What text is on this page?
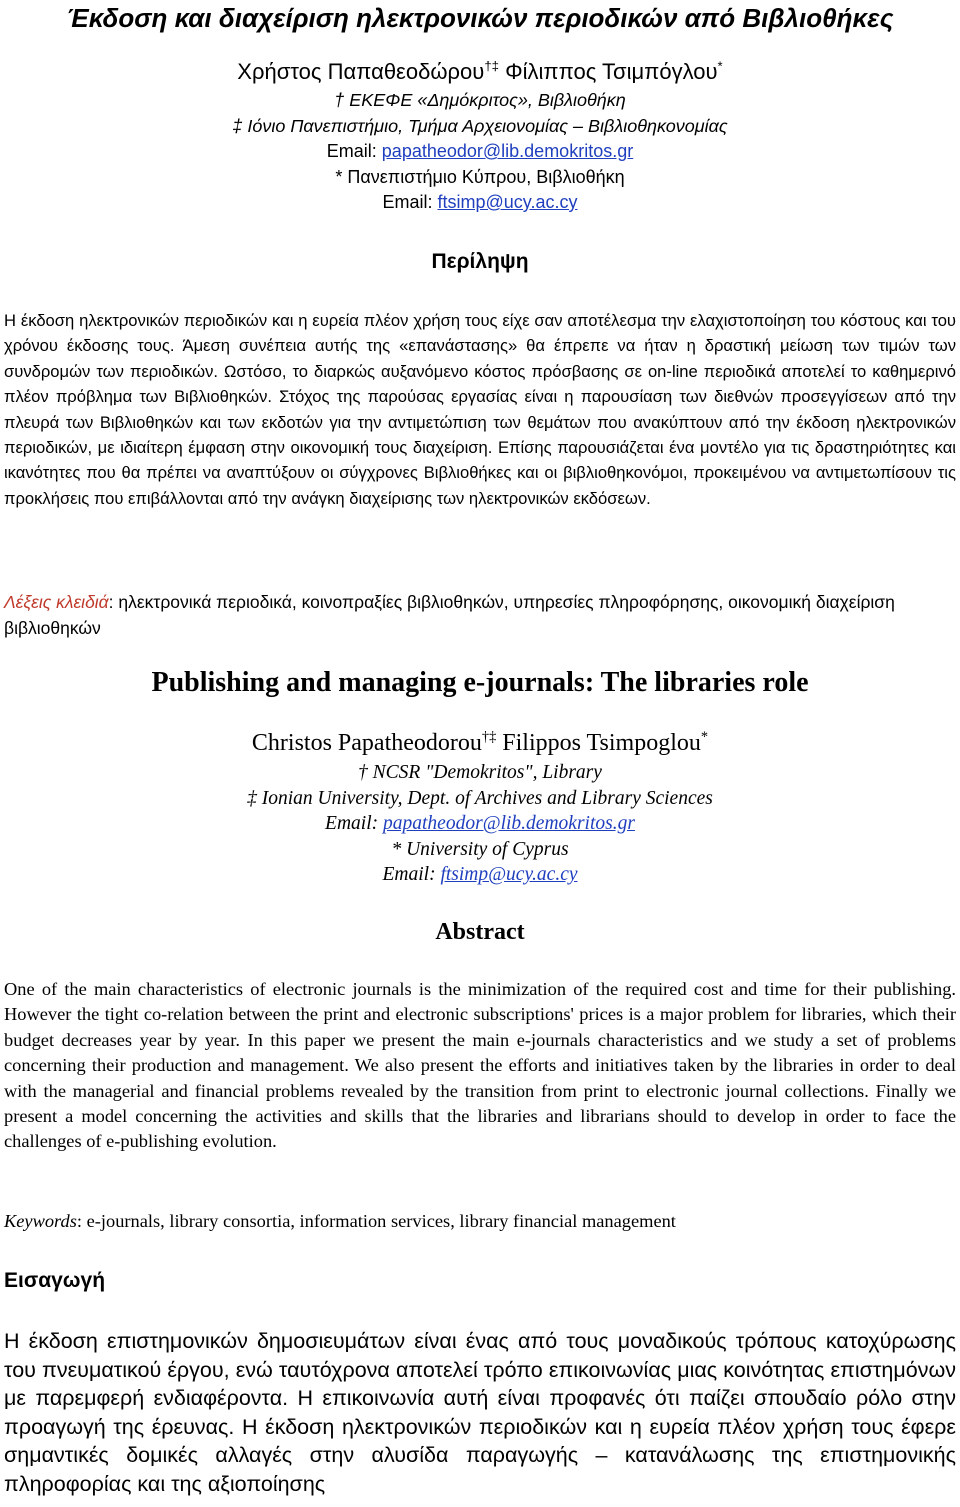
Έκδοση και διαχείριση ηλεκτρονικών περιοδικών από Βιβλιοθήκες
Χρήστος Παπαθεοδώρου†‡ Φίλιππος Τσιμπόγλου*
† ΕΚΕΦΕ «Δημόκριτος», Βιβλιοθήκη
‡ Ιόνιο Πανεπιστήμιο, Τμήμα Αρχειονομίας – Βιβλιοθηκονομίας
Email: papatheodor@lib.demokritos.gr
* Πανεπιστήμιο Κύπρου, Βιβλιοθήκη
Email: ftsimp@ucy.ac.cy
Περίληψη
Η έκδοση ηλεκτρονικών περιοδικών και η ευρεία πλέον χρήση τους είχε σαν αποτέλεσμα την ελαχιστοποίηση του κόστους και του χρόνου έκδοσης τους. Άμεση συνέπεια αυτής της «επανάστασης» θα έπρεπε να ήταν η δραστική μείωση των τιμών των συνδρομών των περιοδικών. Ωστόσο, το διαρκώς αυξανόμενο κόστος πρόσβασης σε on-line περιοδικά αποτελεί το καθημερινό πλέον πρόβλημα των Βιβλιοθηκών. Στόχος της παρούσας εργασίας είναι η παρουσίαση των διεθνών προσεγγίσεων από την πλευρά των Βιβλιοθηκών και των εκδοτών για την αντιμετώπιση των θεμάτων που ανακύπτουν από την έκδοση ηλεκτρονικών περιοδικών, με ιδιαίτερη έμφαση στην οικονομική τους διαχείριση. Επίσης παρουσιάζεται ένα μοντέλο για τις δραστηριότητες και ικανότητες που θα πρέπει να αναπτύξουν οι σύγχρονες Βιβλιοθήκες και οι βιβλιοθηκονόμοι, προκειμένου να αντιμετωπίσουν τις προκλήσεις που επιβάλλονται από την ανάγκη διαχείρισης των ηλεκτρονικών εκδόσεων.
Λέξεις κλειδιά: ηλεκτρονικά περιοδικά, κοινοπραξίες βιβλιοθηκών, υπηρεσίες πληροφόρησης, οικονομική διαχείριση βιβλιοθηκών
Publishing and managing e-journals: The libraries role
Christos Papatheodorou†‡ Filippos Tsimpoglou*
† NCSR "Demokritos", Library
‡ Ionian University, Dept. of Archives and Library Sciences
Email: papatheodor@lib.demokritos.gr
* University of Cyprus
Email: ftsimp@ucy.ac.cy
Abstract
One of the main characteristics of electronic journals is the minimization of the required cost and time for their publishing. However the tight co-relation between the print and electronic subscriptions' prices is a major problem for libraries, which their budget decreases year by year. In this paper we present the main e-journals characteristics and we study a set of problems concerning their production and management. We also present the efforts and initiatives taken by the libraries in order to deal with the managerial and financial problems revealed by the transition from print to electronic journal collections. Finally we present a model concerning the activities and skills that the libraries and librarians should to develop in order to face the challenges of e-publishing evolution.
Keywords: e-journals, library consortia, information services, library financial management
Εισαγωγή
Η έκδοση επιστημονικών δημοσιευμάτων είναι ένας από τους μοναδικούς τρόπους κατοχύρωσης του πνευματικού έργου, ενώ ταυτόχρονα αποτελεί τρόπο επικοινωνίας μιας κοινότητας επιστημόνων με παρεμφερή ενδιαφέροντα. Η επικοινωνία αυτή είναι προφανές ότι παίζει σπουδαίο ρόλο στην προαγωγή της έρευνας. Η έκδοση ηλεκτρονικών περιοδικών και η ευρεία πλέον χρήση τους έφερε σημαντικές δομικές αλλαγές στην αλυσίδα παραγωγής – κατανάλωσης της επιστημονικής πληροφορίας και της αξιοποίησης
